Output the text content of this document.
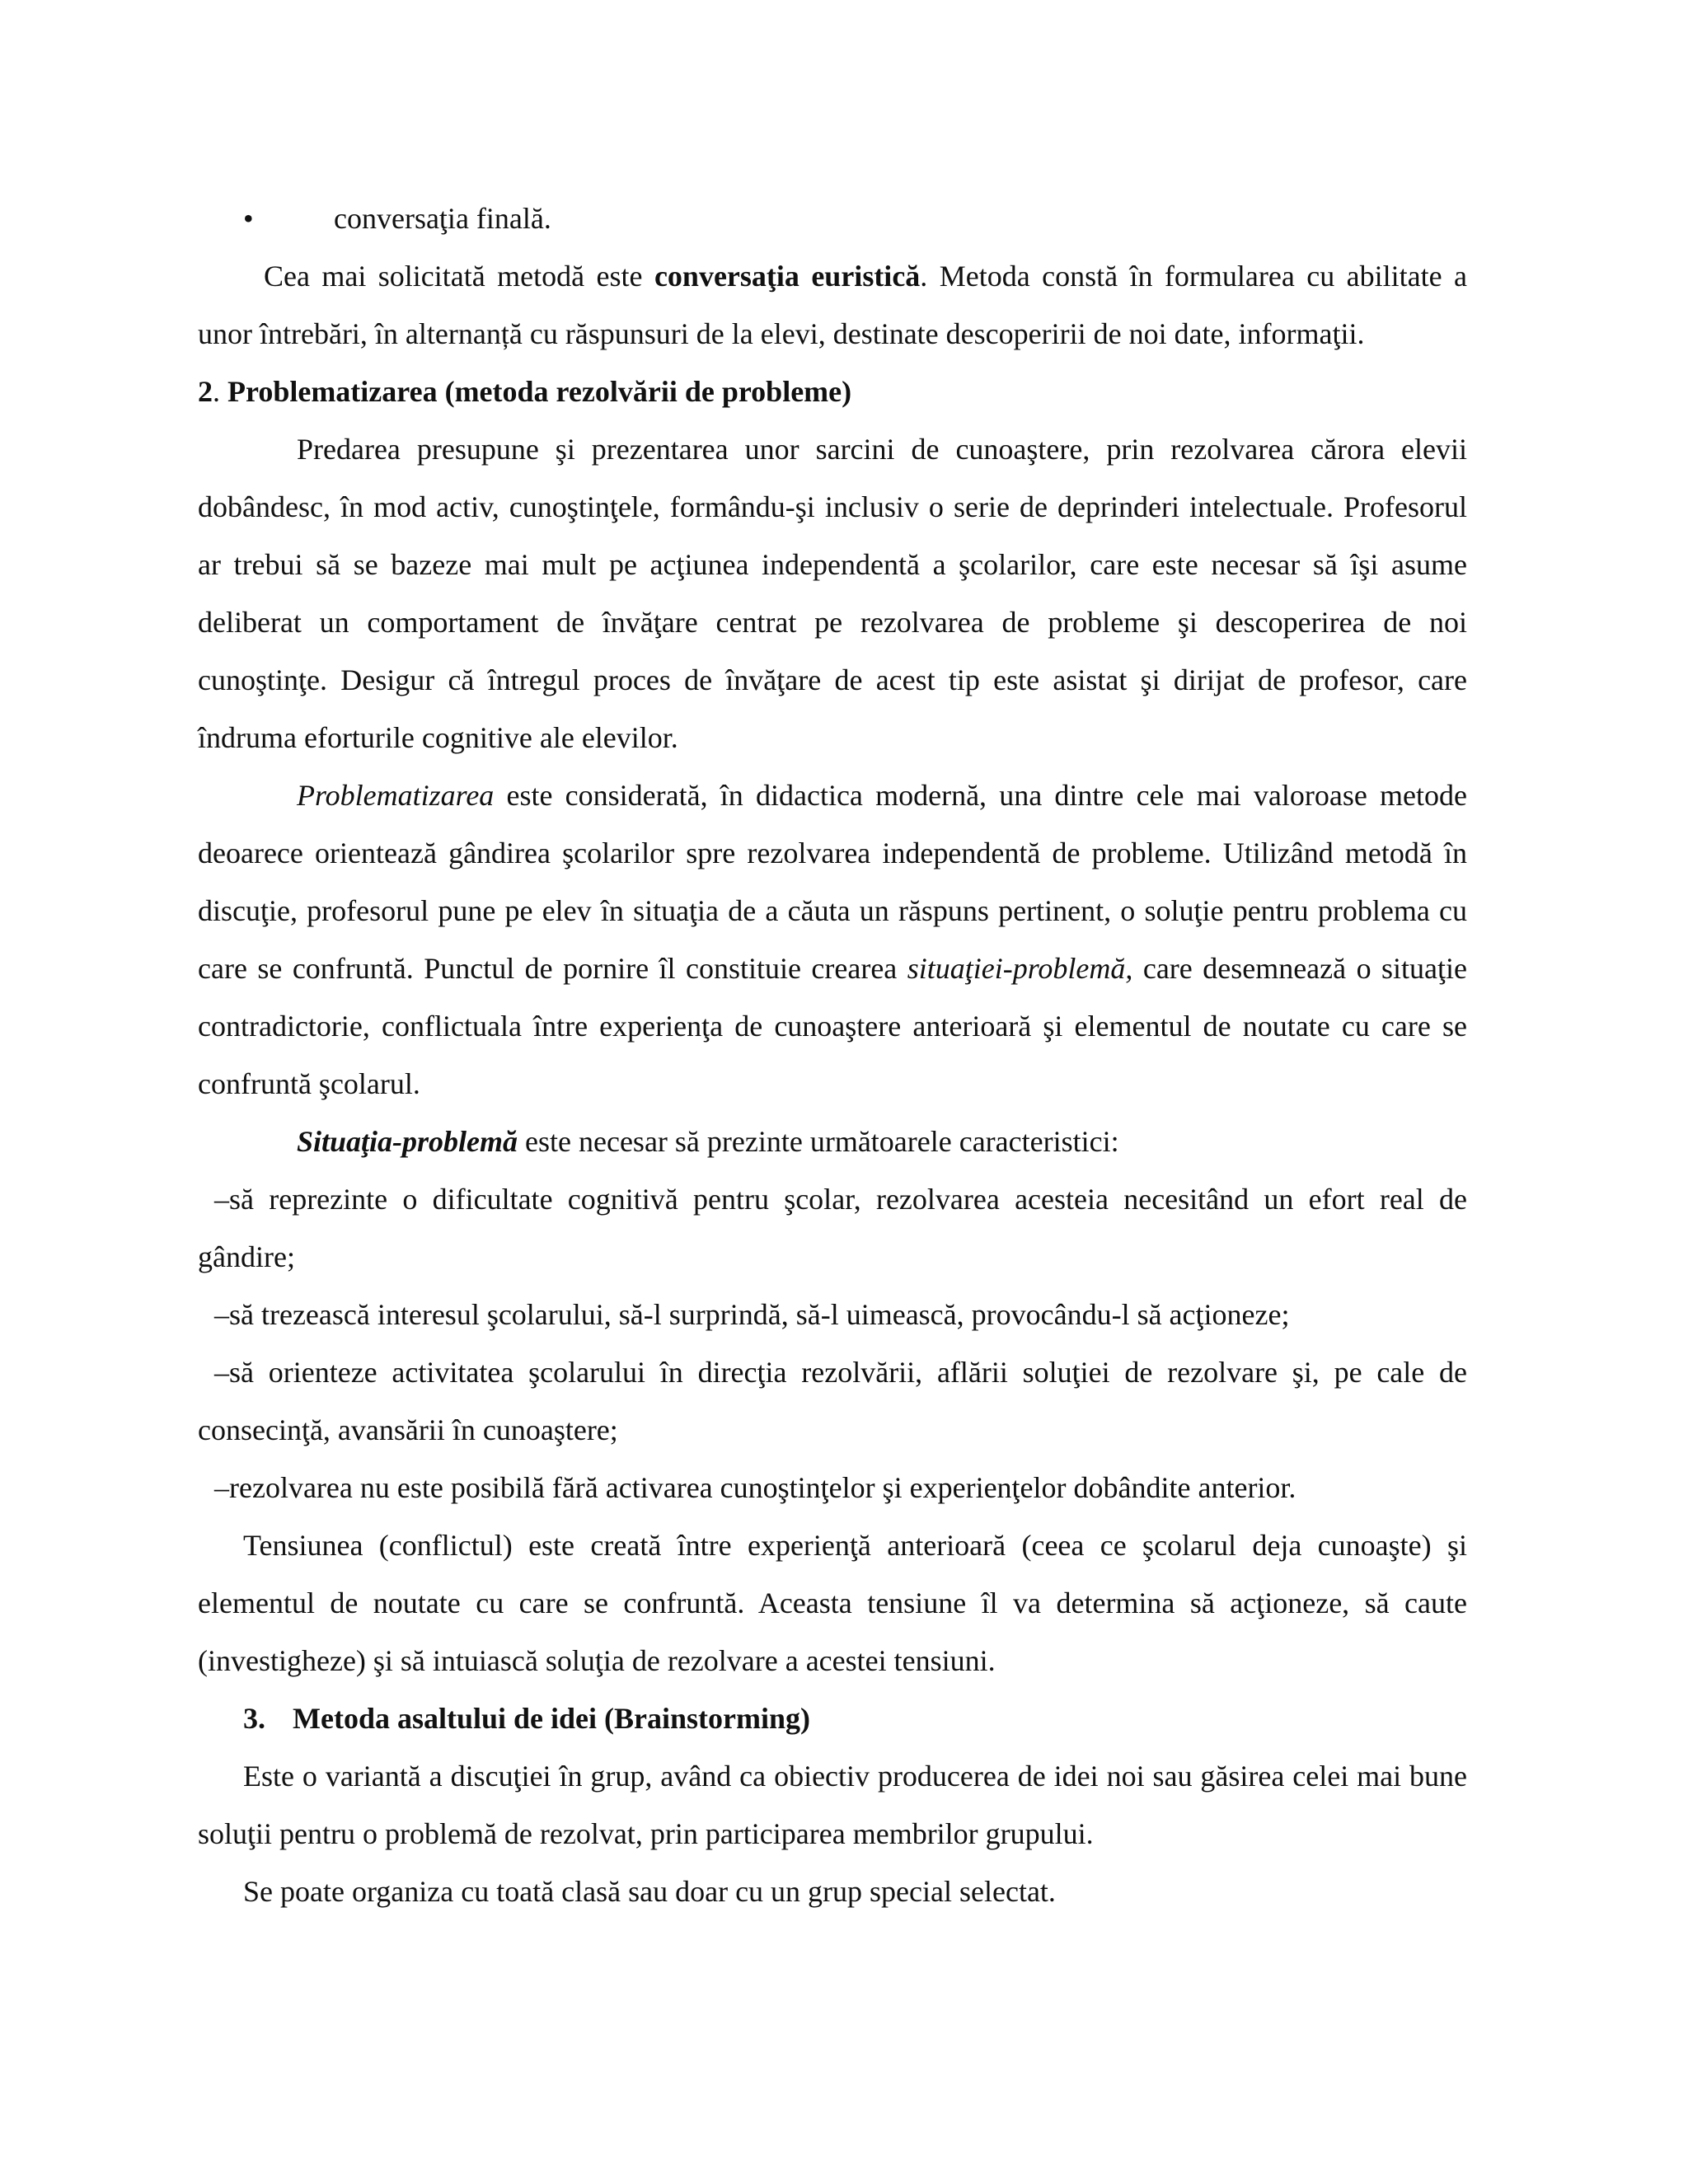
•	conversaţia finală.

Cea mai solicitată metodă este conversaţia euristică. Metoda constă în formularea cu abilitate a unor întrebări, în alternanță cu răspunsuri de la elevi, destinate descoperirii de noi date, informaţii.

2. Problematizarea (metoda rezolvării de probleme)

Predarea presupune şi prezentarea unor sarcini de cunoaştere, prin rezolvarea cărora elevii dobândesc, în mod activ, cunoştinţele, formându-şi inclusiv o serie de deprinderi intelectuale. Profesorul ar trebui să se bazeze mai mult pe acţiunea independentă a şcolarilor, care este necesar să îşi asume deliberat un comportament de învăţare centrat pe rezolvarea de probleme şi descoperirea de noi cunoştinţe. Desigur că întregul proces de învăţare de acest tip este asistat şi dirijat de profesor, care îndruma eforturile cognitive ale elevilor.

Problematizarea este considerată, în didactica modernă, una dintre cele mai valoroase metode deoarece orientează gândirea şcolarilor spre rezolvarea independentă de probleme. Utilizând metodă în discuţie, profesorul pune pe elev în situaţia de a căuta un răspuns pertinent, o soluţie pentru problema cu care se confruntă. Punctul de pornire îl constituie crearea situaţiei-problemă, care desemnează o situaţie contradictorie, conflictuala între experienţa de cunoaştere anterioară şi elementul de noutate cu care se confruntă şcolarul.

Situaţia-problemă este necesar să prezinte următoarele caracteristici:

–să reprezinte o dificultate cognitivă pentru şcolar, rezolvarea acesteia necesitând un efort real de gândire;

–să trezească interesul şcolarului, să-l surprindă, să-l uimească, provocându-l să acţioneze;

–să orienteze activitatea şcolarului în direcţia rezolvării, aflării soluţiei de rezolvare şi, pe cale de consecinţă, avansării în cunoaştere;

–rezolvarea nu este posibilă fără activarea cunoştinţelor şi experienţelor dobândite anterior.

Tensiunea (conflictul) este creată între experienţă anterioară (ceea ce şcolarul deja cunoaşte) şi elementul de noutate cu care se confruntă. Aceasta tensiune îl va determina să acţioneze, să caute (investigheze) şi să intuiască soluţia de rezolvare a acestei tensiuni.

3. Metoda asaltului de idei (Brainstorming)

Este o variantă a discuţiei în grup, având ca obiectiv producerea de idei noi sau găsirea celei mai bune soluţii pentru o problemă de rezolvat, prin participarea membrilor grupului.

Se poate organiza cu toată clasă sau doar cu un grup special selectat.
